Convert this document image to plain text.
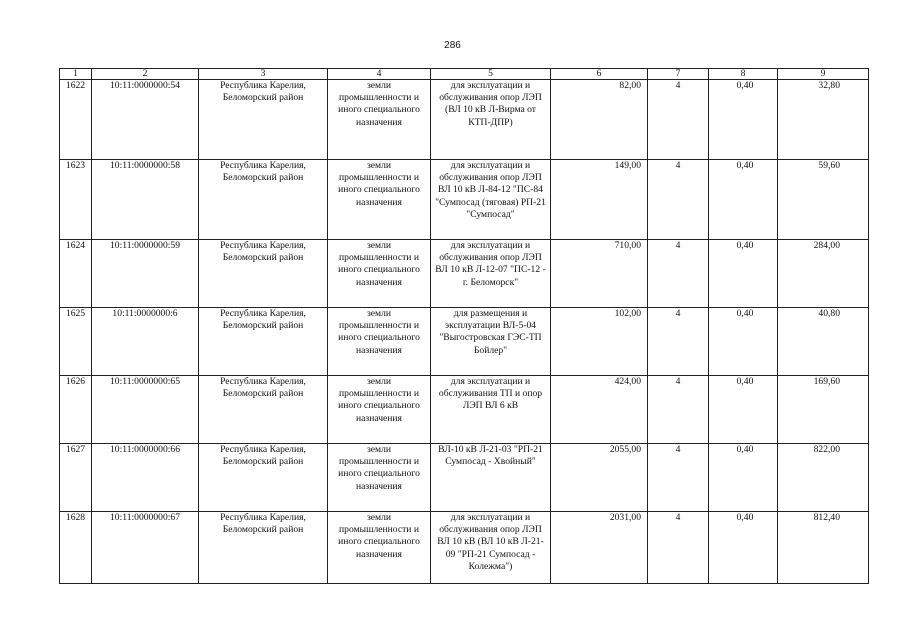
286
1	2	3	4	5	6	7	8	9
1622	10:11:0000000:54	Республика Карелия, Беломорский район	земли промышленности и иного специального назначения	для эксплуатации и обслуживания опор ЛЭП (ВЛ 10 кВ Л-Вирма от КТП-ДПР)	82,00	4	0,40	32,80
1623	10:11:0000000:58	Республика Карелия, Беломорский район	земли промышленности и иного специального назначения	для эксплуатации и обслуживания опор ЛЭП ВЛ 10 кВ Л-84-12 "ПС-84 "Сумпосад (тяговая) РП-21 "Сумпосад"	149,00	4	0,40	59,60
1624	10:11:0000000:59	Республика Карелия, Беломорский район	земли промышленности и иного специального назначения	для эксплуатации и обслуживания опор ЛЭП ВЛ 10 кВ Л-12-07 "ПС-12 - г. Беломорск"	710,00	4	0,40	284,00
1625	10:11:0000000:6	Республика Карелия, Беломорский район	земли промышленности и иного специального назначения	для размещения и эксплуатации ВЛ-5-04 "Выгостровская ГЭС-ТП Бойлер"	102,00	4	0,40	40,80
1626	10:11:0000000:65	Республика Карелия, Беломорский район	земли промышленности и иного специального назначения	для эксплуатации и обслуживания ТП и опор ЛЭП ВЛ 6 кВ	424,00	4	0,40	169,60
1627	10:11:0000000:66	Республика Карелия, Беломорский район	земли промышленности и иного специального назначения	ВЛ-10 кВ Л-21-03 "РП-21 Сумпосад - Хвойный"	2055,00	4	0,40	822,00
1628	10:11:0000000:67	Республика Карелия, Беломорский район	земли промышленности и иного специального назначения	для эксплуатации и обслуживания опор ЛЭП ВЛ 10 кВ (ВЛ 10 кВ Л-21-09 "РП-21 Сумпосад - Колежма")	2031,00	4	0,40	812,40
